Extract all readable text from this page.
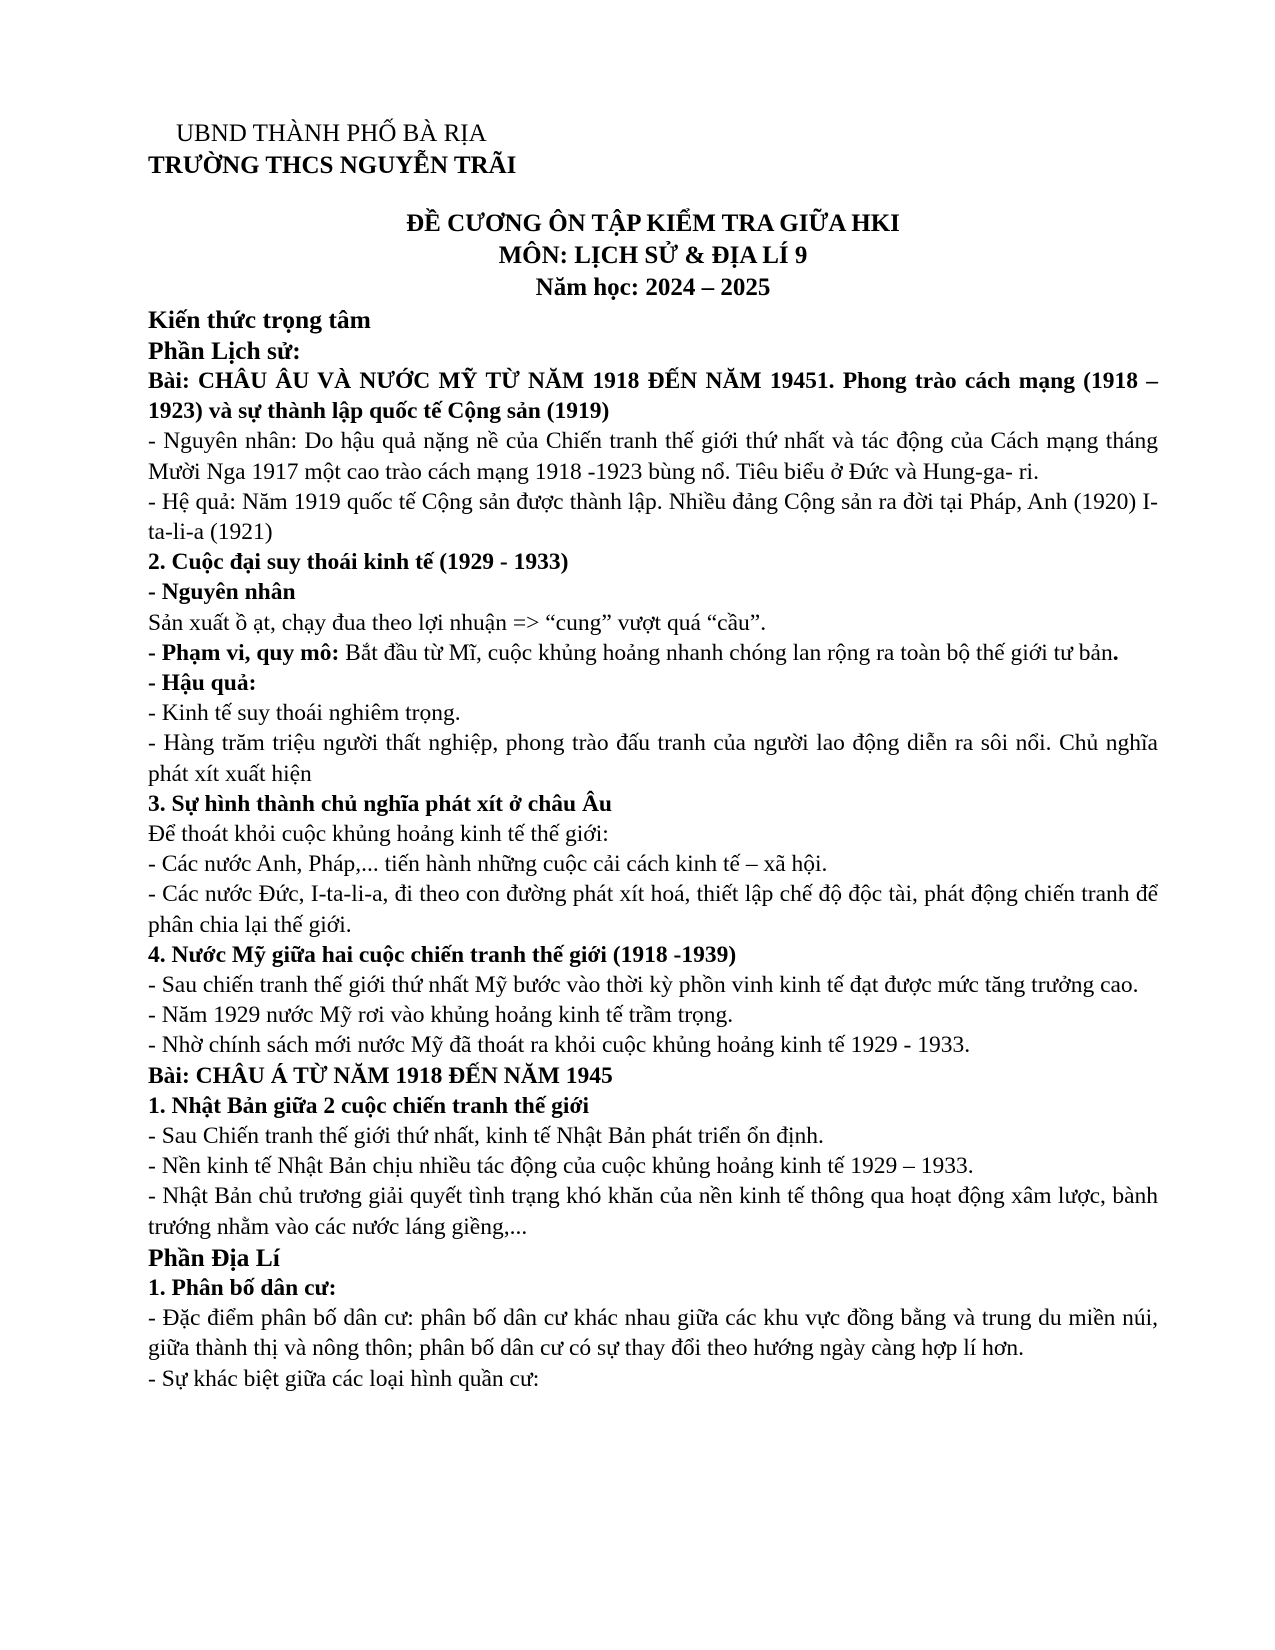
UBND THÀNH PHỐ BÀ RỊA
TRƯỜNG THCS NGUYỄN TRÃI
ĐỀ CƯƠNG ÔN TẬP KIỂM TRA GIỮA HKI
MÔN: LỊCH SỬ & ĐỊA LÍ 9
Năm học: 2024 – 2025
Kiến thức trọng tâm
Phần Lịch sử:

Bài: CHÂU ÂU VÀ NƯỚC MỸ TỪ NĂM 1918 ĐẾN NĂM 19451. Phong trào cách mạng (1918 – 1923) và sự thành lập quốc tế Cộng sản (1919)

- Nguyên nhân: Do hậu quả nặng nề của Chiến tranh thế giới thứ nhất và tác động của Cách mạng tháng Mười Nga 1917 một cao trào cách mạng 1918 -1923 bùng nổ. Tiêu biểu ở Đức và Hung-ga- ri.

- Hệ quả: Năm 1919 quốc tế Cộng sản được thành lập. Nhiều đảng Cộng sản ra đời tại Pháp, Anh (1920) I-ta-li-a (1921)

2. Cuộc đại suy thoái kinh tế (1929 - 1933)

- Nguyên nhân

Sản xuất ồ ạt, chạy đua theo lợi nhuận => “cung” vượt quá “cầu”.

- Phạm vi, quy mô: Bắt đầu từ Mĩ, cuộc khủng hoảng nhanh chóng lan rộng ra toàn bộ thế giới tư bản.

- Hậu quả:

- Kinh tế suy thoái nghiêm trọng.

- Hàng trăm triệu người thất nghiệp, phong trào đấu tranh của người lao động diễn ra sôi nổi. Chủ nghĩa phát xít xuất hiện

3. Sự hình thành chủ nghĩa phát xít ở châu Âu

Để thoát khỏi cuộc khủng hoảng kinh tế thế giới:

- Các nước Anh, Pháp,... tiến hành những cuộc cải cách kinh tế – xã hội.

- Các nước Đức, I-ta-li-a, đi theo con đường phát xít hoá, thiết lập chế độ độc tài, phát động chiến tranh để phân chia lại thế giới.

4. Nước Mỹ giữa hai cuộc chiến tranh thế giới (1918 -1939)

- Sau chiến tranh thế giới thứ nhất Mỹ bước vào thời kỳ phồn vinh kinh tế đạt được mức tăng trưởng cao.

- Năm 1929 nước Mỹ rơi vào khủng hoảng kinh tế trầm trọng.

- Nhờ chính sách mới nước Mỹ đã thoát ra khỏi cuộc khủng hoảng kinh tế 1929 - 1933.

Bài: CHÂU Á TỪ NĂM 1918 ĐẾN NĂM 1945

1. Nhật Bản giữa 2 cuộc chiến tranh thế giới

- Sau Chiến tranh thế giới thứ nhất, kinh tế Nhật Bản phát triển ổn định.

- Nền kinh tế Nhật Bản chịu nhiều tác động của cuộc khủng hoảng kinh tế 1929 – 1933.

- Nhật Bản chủ trương giải quyết tình trạng khó khăn của nền kinh tế thông qua hoạt động xâm lược, bành trướng nhằm vào các nước láng giềng,...

Phần Địa Lí

1. Phân bố dân cư:

- Đặc điểm phân bố dân cư: phân bố dân cư khác nhau giữa các khu vực đồng bằng và trung du miền núi, giữa thành thị và nông thôn; phân bố dân cư có sự thay đổi theo hướng ngày càng hợp lí hơn.

- Sự khác biệt giữa các loại hình quần cư:
